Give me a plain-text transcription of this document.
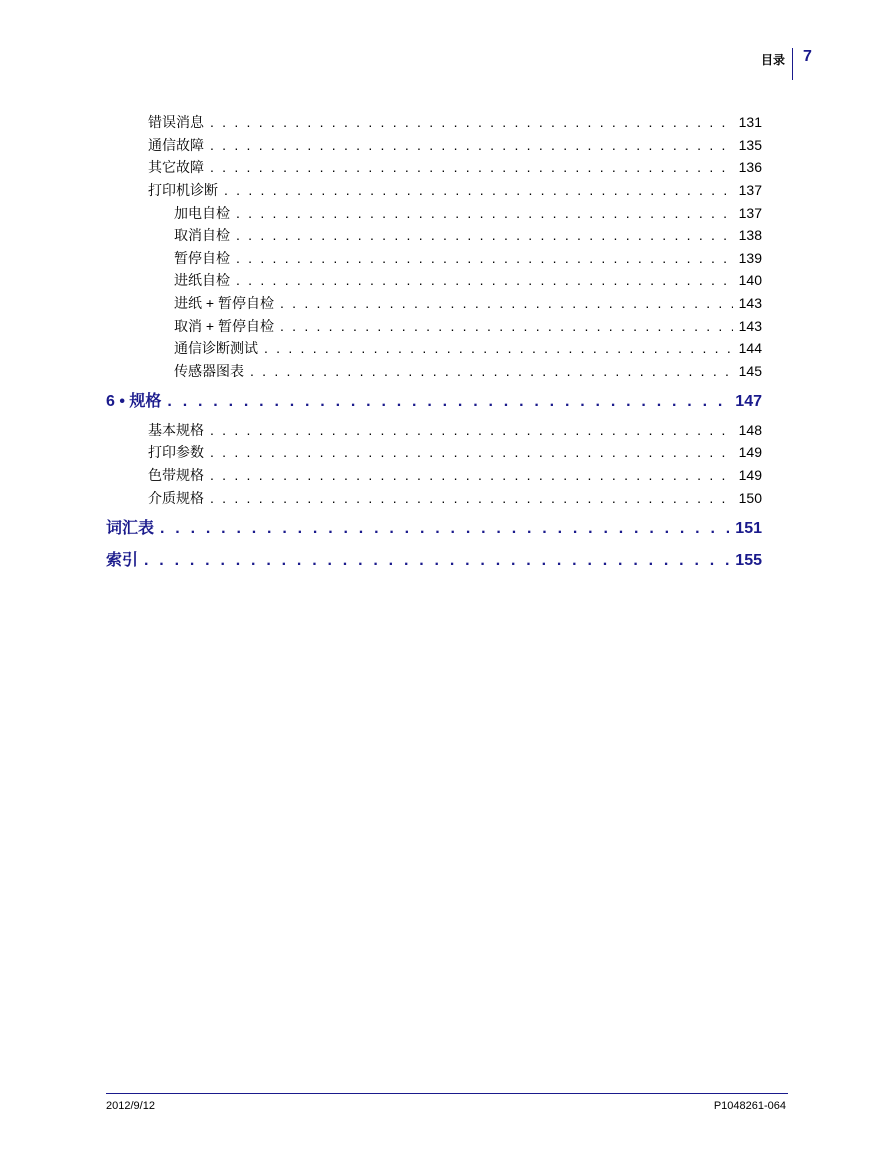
目录 7
错误消息 . . .	131
通信故障 . . .	135
其它故障 . . .	136
打印机诊断 . . .	137
加电自检 . . .	137
取消自检 . . .	138
暂停自检 . . .	139
进纸自检 . . .	140
进纸 + 暂停自检 . . .	143
取消 + 暂停自检 . . .	143
通信诊断测试 . . .	144
传感器图表 . . .	145
6 • 规格 . . .	147
基本规格 . . .	148
打印参数 . . .	149
色带规格 . . .	149
介质规格 . . .	150
词汇表 . . .	151
索引 . . .	155
2012/9/12	P1048261-064
